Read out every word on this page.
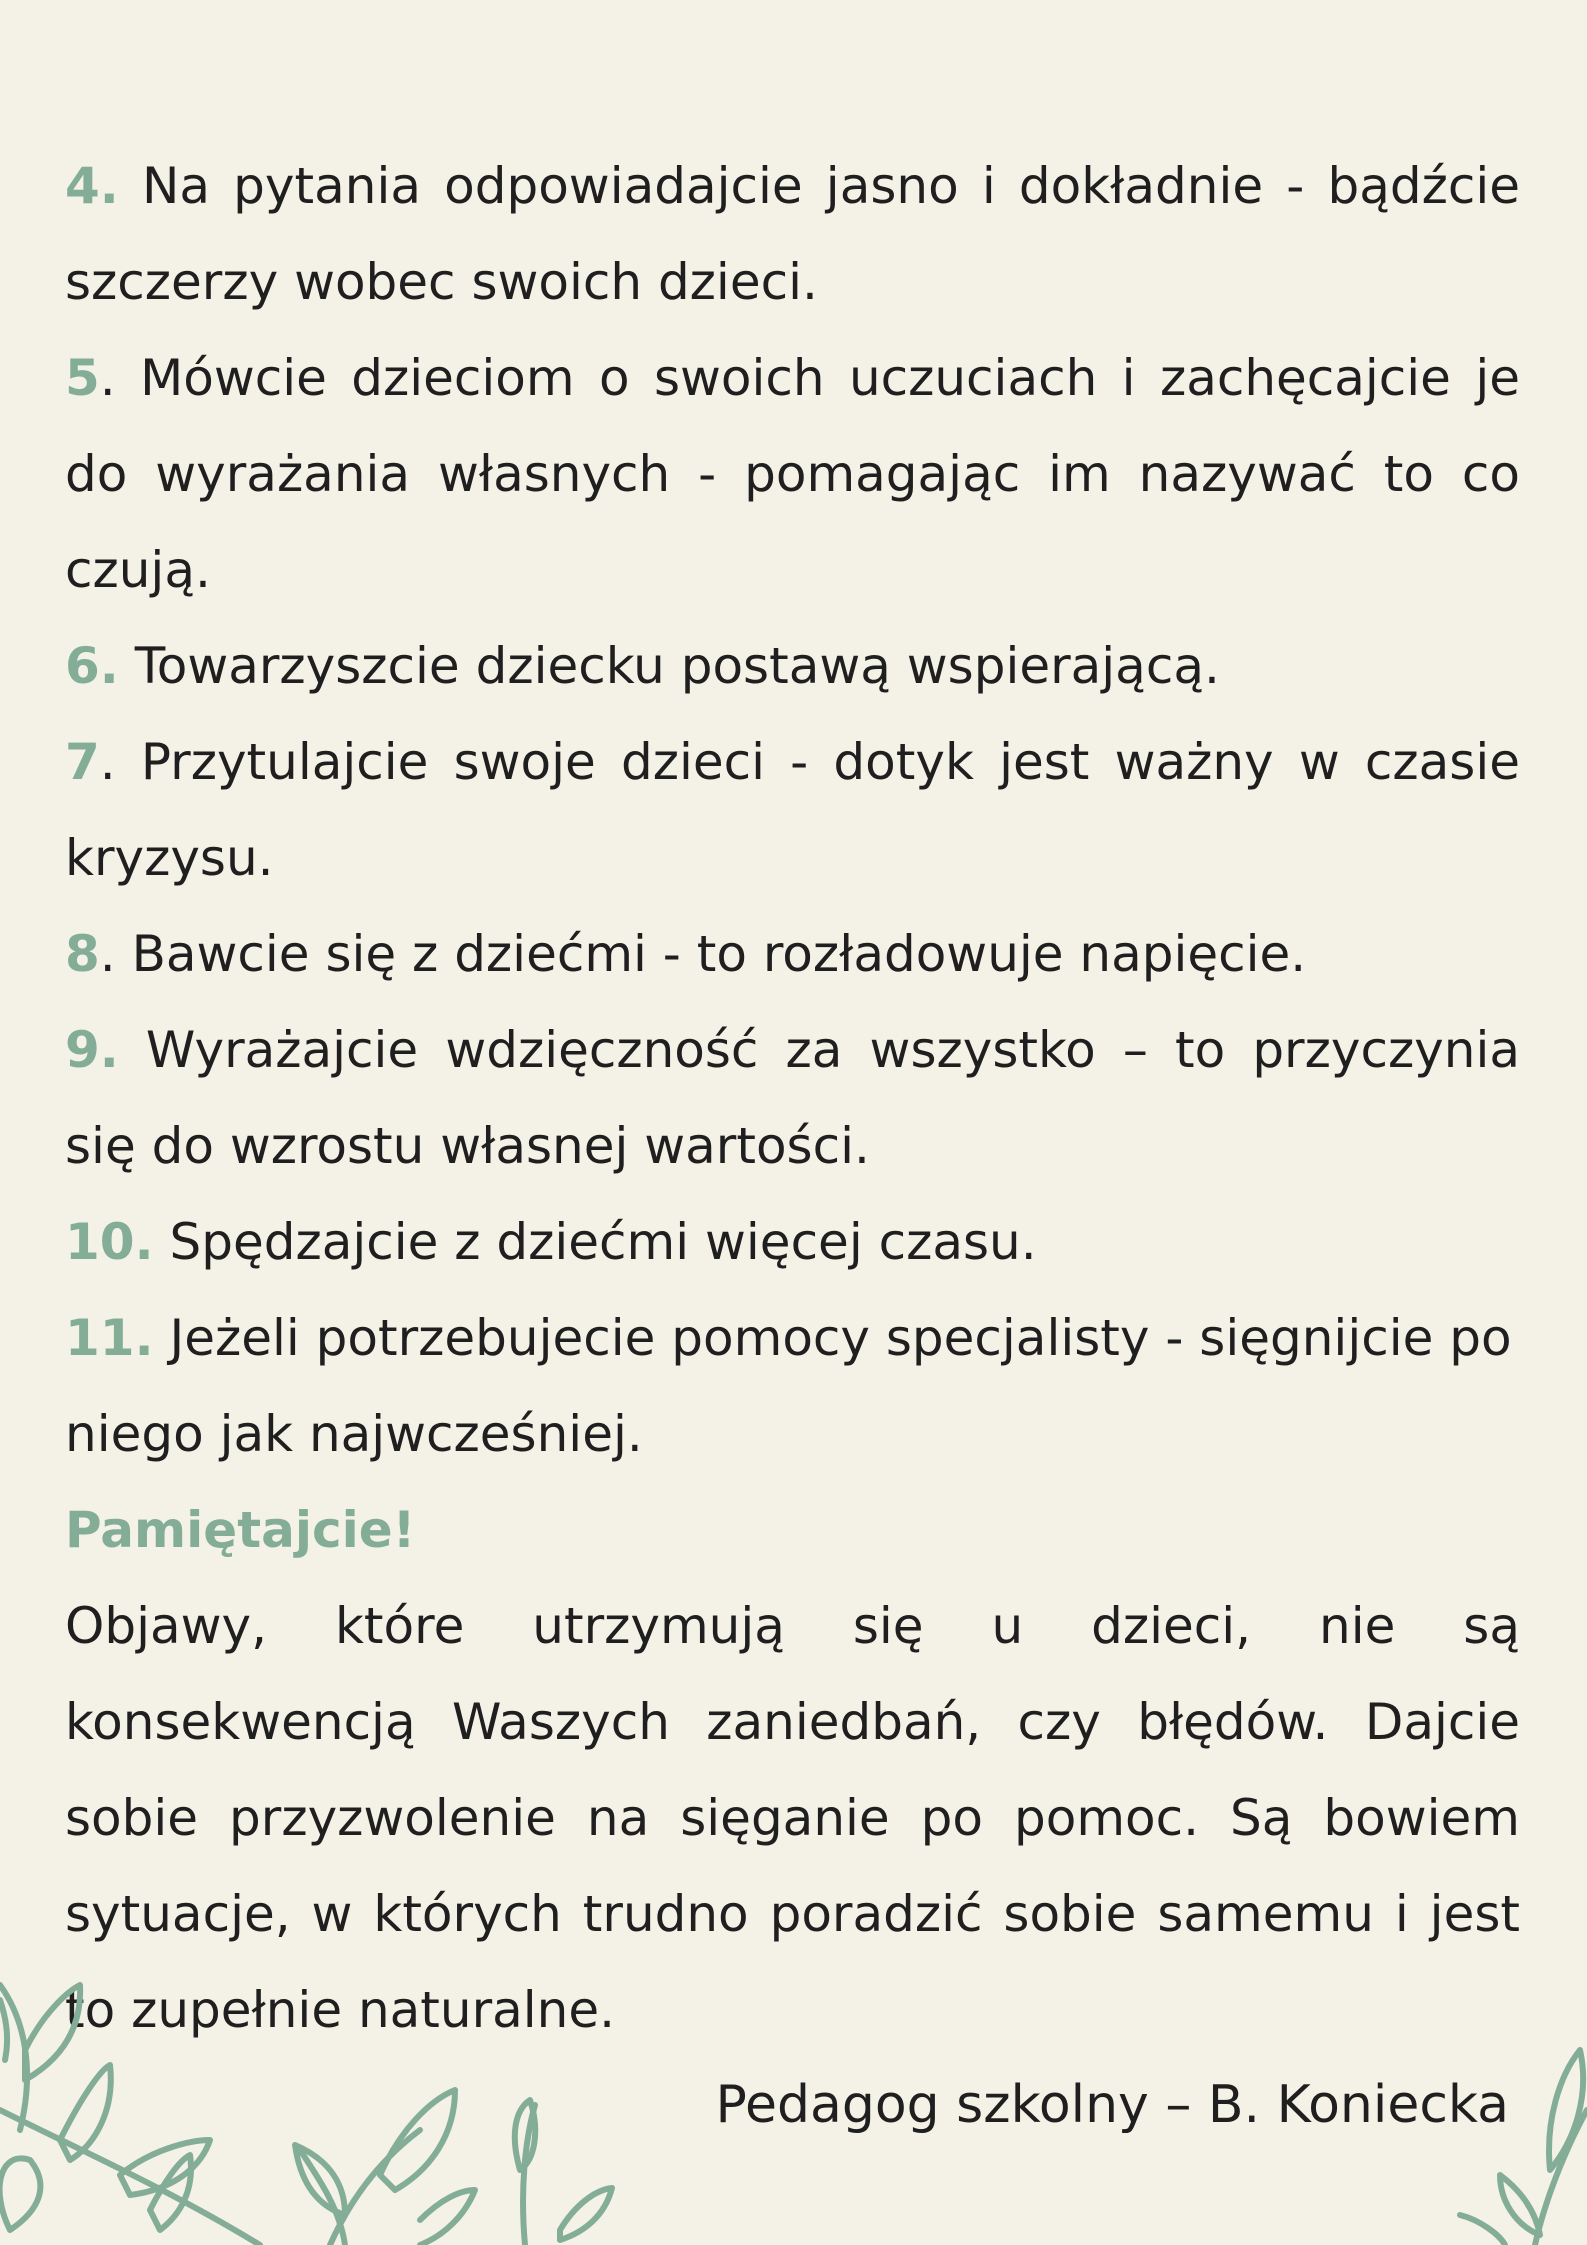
4. Na pytania odpowiadajcie jasno i dokładnie - bądźcie szczerzy wobec swoich dzieci.

5. Mówcie dzieciom o swoich uczuciach i zachęcajcie je do wyrażania własnych - pomagając im nazywać to co czują.

6. Towarzyszcie dziecku postawą wspierającą.

7. Przytulajcie swoje dzieci - dotyk jest ważny w czasie kryzysu.

8. Bawcie się z dziećmi - to rozładowuje napięcie.

9. Wyrażajcie wdzięczność za wszystko – to przyczynia się do wzrostu własnej wartości.

10. Spędzajcie z dziećmi więcej czasu.

11. Jeżeli potrzebujecie pomocy specjalisty - sięgnijcie po niego jak najwcześniej.

Pamiętajcie!

Objawy, które utrzymują się u dzieci, nie są konsekwencją Waszych zaniedbań, czy błędów. Dajcie sobie przyzwolenie na sięganie po pomoc. Są bowiem sytuacje, w których trudno poradzić sobie samemu i jest to zupełnie naturalne.

Pedagog szkolny – B. Koniecka
